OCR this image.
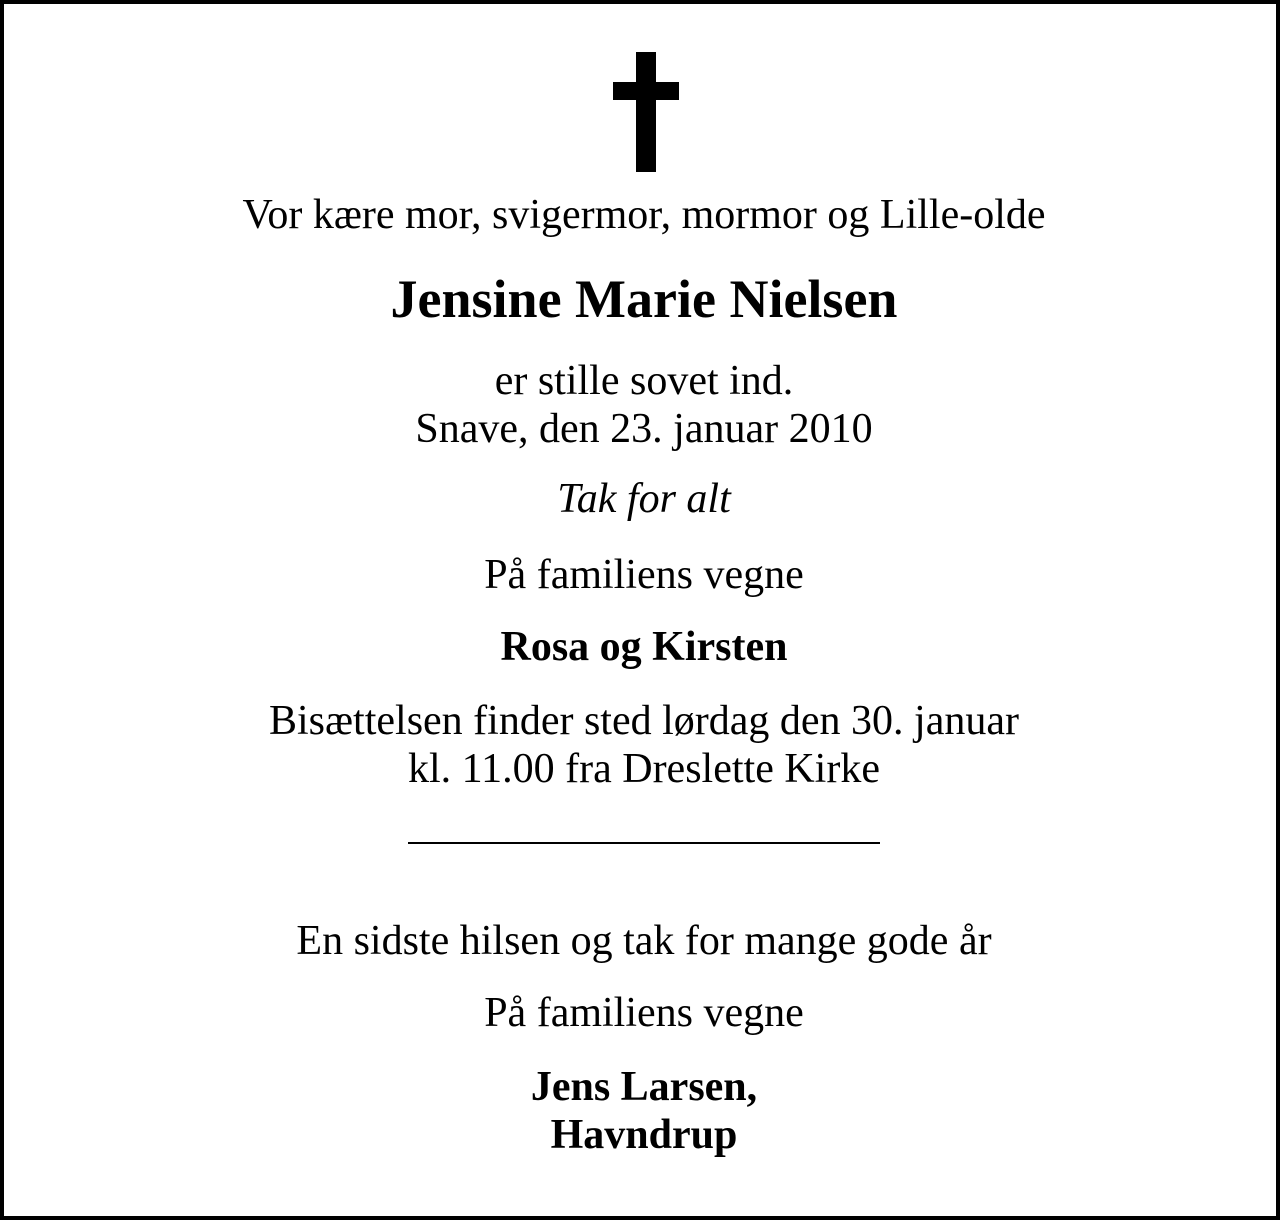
Vor kære mor, svigermor, mormor og Lille-olde

Jensine Marie Nielsen

er stille sovet ind.

Snave, den 23. januar 2010

Tak for alt

På familiens vegne

Rosa og Kirsten

Bisættelsen finder sted lørdag den 30. januar

kl. 11.00 fra Dreslette Kirke

En sidste hilsen og tak for mange gode år

På familiens vegne

Jens Larsen,

Havndrup
